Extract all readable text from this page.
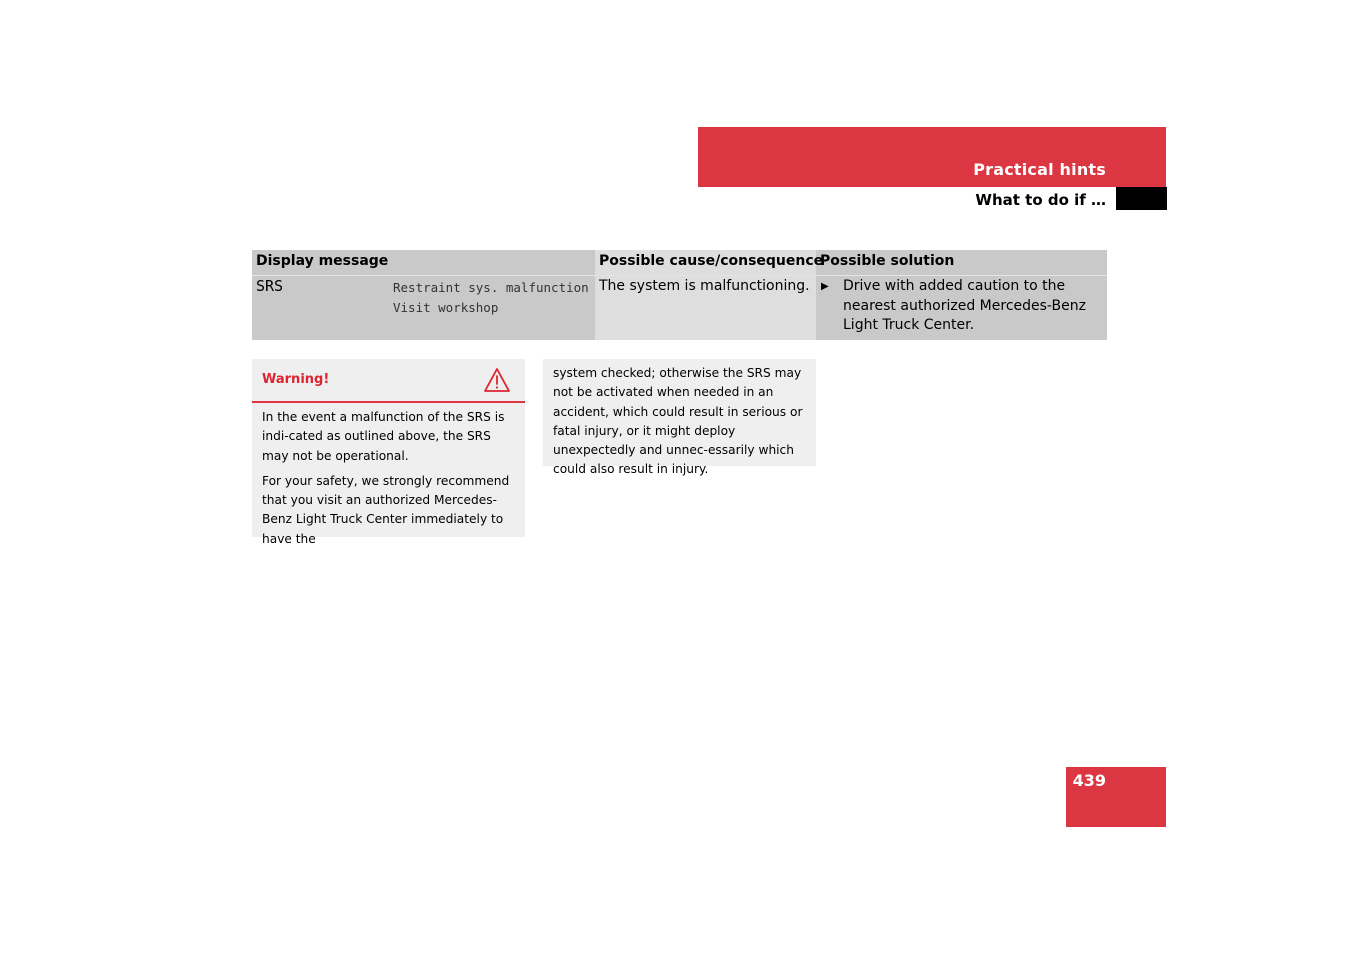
Practical hints
What to do if …
Display message	Possible cause/consequence
Possible solution
SRS	Restraint sys. malfunction
Visit workshop
The system is malfunctioning. ▶ Drive with added caution to the nearest authorized Mercedes-Benz Light Truck Center.
Warning!

In the event a malfunction of the SRS is indi-cated as outlined above, the SRS may not be operational.

For your safety, we strongly recommend that you visit an authorized Mercedes-Benz Light Truck Center immediately to have the

system checked; otherwise the SRS may not be activated when needed in an accident, which could result in serious or fatal injury, or it might deploy unexpectedly and unnec-essarily which could also result in injury.
439
